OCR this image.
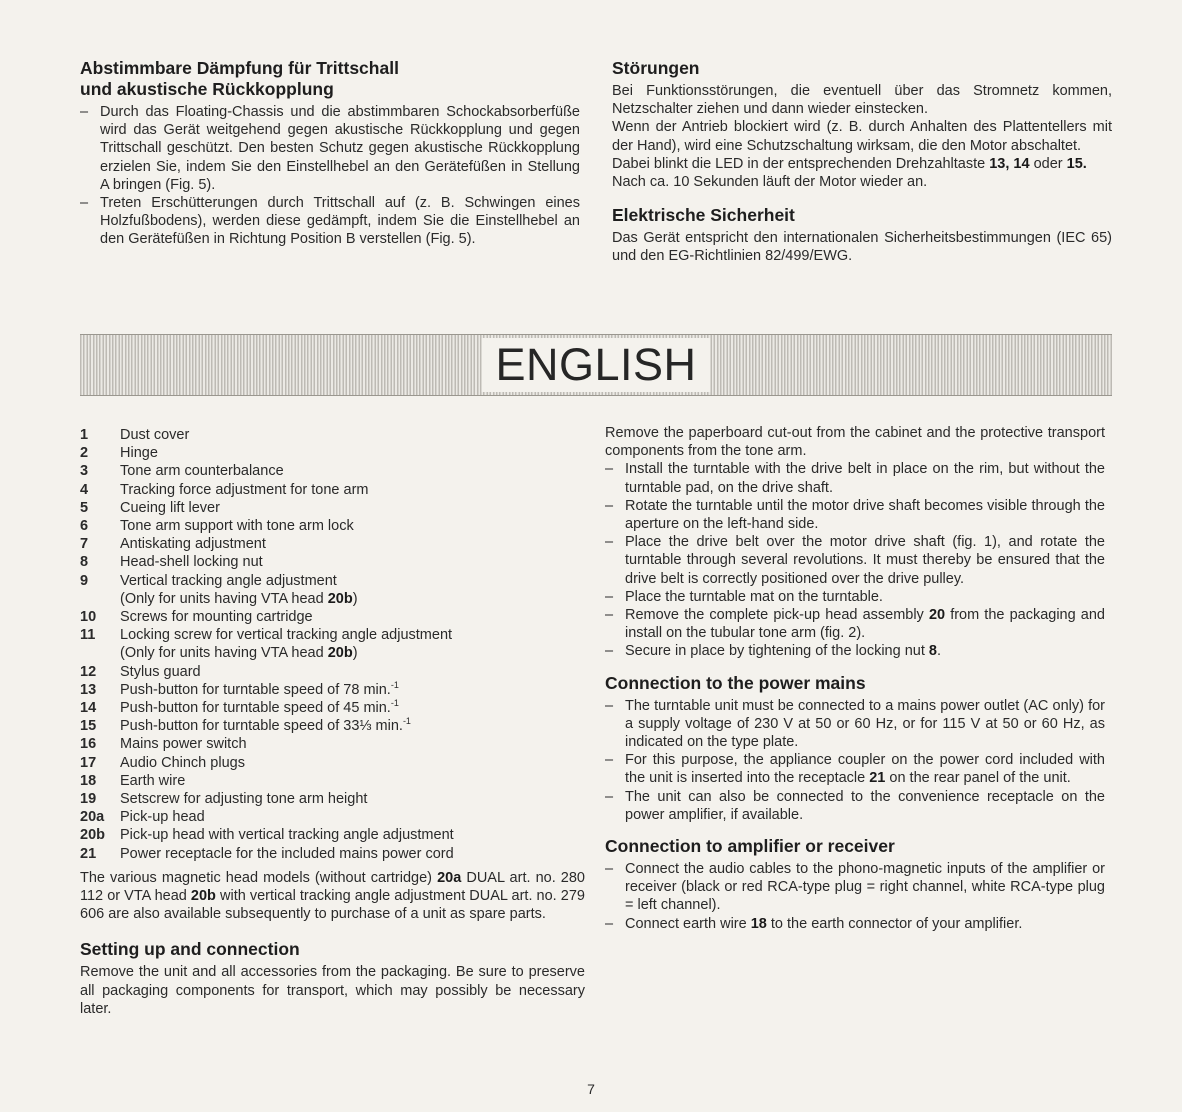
Abstimmbare Dämpfung für Trittschall
und akustische Rückkopplung

– Durch das Floating-Chassis und die abstimmbaren Schockabsorberfüße wird das Gerät weitgehend gegen akustische Rückkopplung und gegen Trittschall geschützt. Den besten Schutz gegen akustische Rückkopplung erzielen Sie, indem Sie den Einstellhebel an den Gerätefüßen in Stellung A bringen (Fig. 5).

– Treten Erschütterungen durch Trittschall auf (z. B. Schwingen eines Holzfußbodens), werden diese gedämpft, indem Sie die Einstellhebel an den Gerätefüßen in Richtung Position B verstellen (Fig. 5).

Störungen

Bei Funktionsstörungen, die eventuell über das Stromnetz kommen, Netzschalter ziehen und dann wieder einstecken.

Wenn der Antrieb blockiert wird (z. B. durch Anhalten des Plattentellers mit der Hand), wird eine Schutzschaltung wirksam, die den Motor abschaltet.

Dabei blinkt die LED in der entsprechenden Drehzahltaste 13, 14 oder 15. Nach ca. 10 Sekunden läuft der Motor wieder an.

Elektrische Sicherheit

Das Gerät entspricht den internationalen Sicherheitsbestimmungen (IEC 65) und den EG-Richtlinien 82/499/EWG.

ENGLISH
1	Dust cover
2	Hinge
3	Tone arm counterbalance
4	Tracking force adjustment for tone arm
5	Cueing lift lever
6	Tone arm support with tone arm lock
7	Antiskating adjustment
8	Head-shell locking nut
9	Vertical tracking angle adjustment
(Only for units having VTA head 20b)
10	Screws for mounting cartridge
11	Locking screw for vertical tracking angle adjustment
(Only for units having VTA head 20b)
12	Stylus guard
13	Push-button for turntable speed of 78 min.$^{-1}$
14	Push-button for turntable speed of 45 min.$^{-1}$
15	Push-button for turntable speed of 33⅓ min.$^{-1}$
16	Mains power switch
17	Audio Chinch plugs
18	Earth wire
19	Setscrew for adjusting tone arm height
20a	Pick-up head
20b	Pick-up head with vertical tracking angle adjustment
21	Power receptacle for the included mains power cord

The various magnetic head models (without cartridge) 20a DUAL art. no. 280 112 or VTA head 20b with vertical tracking angle adjustment DUAL art. no. 279 606 are also available subsequently to purchase of a unit as spare parts.

Setting up and connection

Remove the unit and all accessories from the packaging. Be sure to preserve all packaging components for transport, which may possibly be necessary later.

Remove the paperboard cut-out from the cabinet and the protective transport components from the tone arm.

– Install the turntable with the drive belt in place on the rim, but without the turntable pad, on the drive shaft.

– Rotate the turntable until the motor drive shaft becomes visible through the aperture on the left-hand side.

– Place the drive belt over the motor drive shaft (fig. 1), and rotate the turntable through several revolutions. It must thereby be ensured that the drive belt is correctly positioned over the drive pulley.

– Place the turntable mat on the turntable.

– Remove the complete pick-up head assembly 20 from the packaging and install on the tubular tone arm (fig. 2).

– Secure in place by tightening of the locking nut 8.

Connection to the power mains

– The turntable unit must be connected to a mains power outlet (AC only) for a supply voltage of 230 V at 50 or 60 Hz, or for 115 V at 50 or 60 Hz, as indicated on the type plate.

– For this purpose, the appliance coupler on the power cord included with the unit is inserted into the receptacle 21 on the rear panel of the unit.

– The unit can also be connected to the convenience receptacle on the power amplifier, if available.

Connection to amplifier or receiver

– Connect the audio cables to the phono-magnetic inputs of the amplifier or receiver (black or red RCA-type plug = right channel, white RCA-type plug = left channel).

– Connect earth wire 18 to the earth connector of your amplifier.

7
